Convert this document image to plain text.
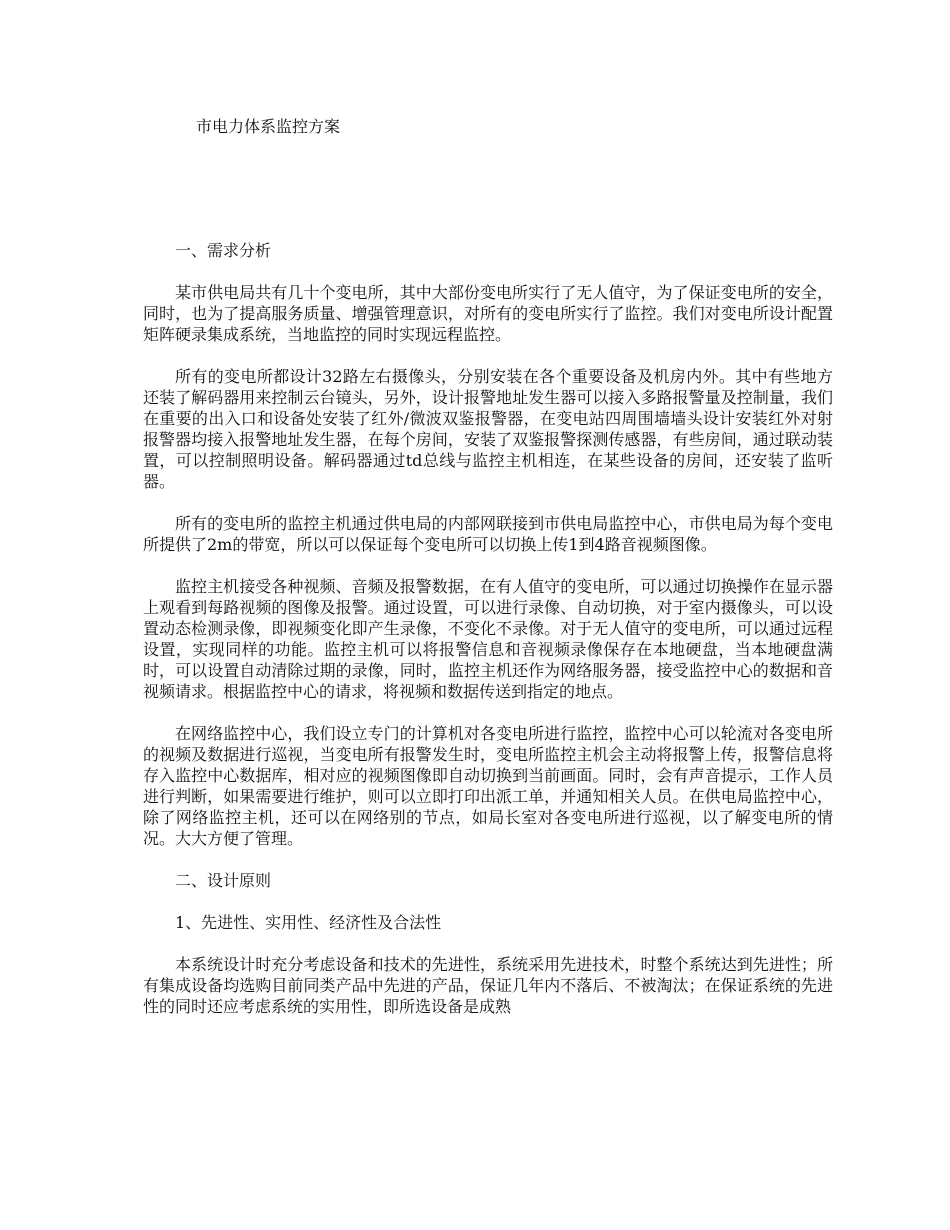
市电力体系监控方案
一、需求分析

某市供电局共有几十个变电所，其中大部份变电所实行了无人值守，为了保证变电所的安全，同时，也为了提高服务质量、增强管理意识，对所有的变电所实行了监控。我们对变电所设计配置矩阵硬录集成系统，当地监控的同时实现远程监控。

所有的变电所都设计32路左右摄像头，分别安装在各个重要设备及机房内外。其中有些地方还装了解码器用来控制云台镜头，另外，设计报警地址发生器可以接入多路报警量及控制量，我们在重要的出入口和设备处安装了红外/微波双鉴报警器，在变电站四周围墙墙头设计安装红外对射报警器均接入报警地址发生器，在每个房间，安装了双鉴报警探测传感器，有些房间，通过联动装置，可以控制照明设备。解码器通过td总线与监控主机相连，在某些设备的房间，还安装了监听器。

所有的变电所的监控主机通过供电局的内部网联接到市供电局监控中心，市供电局为每个变电所提供了2m的带宽，所以可以保证每个变电所可以切换上传1到4路音视频图像。

监控主机接受各种视频、音频及报警数据，在有人值守的变电所，可以通过切换操作在显示器上观看到每路视频的图像及报警。通过设置，可以进行录像、自动切换，对于室内摄像头，可以设置动态检测录像，即视频变化即产生录像，不变化不录像。对于无人值守的变电所，可以通过远程设置，实现同样的功能。监控主机可以将报警信息和音视频录像保存在本地硬盘，当本地硬盘满时，可以设置自动清除过期的录像，同时，监控主机还作为网络服务器，接受监控中心的数据和音视频请求。根据监控中心的请求，将视频和数据传送到指定的地点。

在网络监控中心，我们设立专门的计算机对各变电所进行监控，监控中心可以轮流对各变电所的视频及数据进行巡视，当变电所有报警发生时，变电所监控主机会主动将报警上传，报警信息将存入监控中心数据库，相对应的视频图像即自动切换到当前画面。同时，会有声音提示，工作人员进行判断，如果需要进行维护，则可以立即打印出派工单，并通知相关人员。在供电局监控中心，除了网络监控主机，还可以在网络别的节点，如局长室对各变电所进行巡视，以了解变电所的情况。大大方便了管理。

二、设计原则
1、先进性、实用性、经济性及合法性

本系统设计时充分考虑设备和技术的先进性，系统采用先进技术，时整个系统达到先进性；所有集成设备均选购目前同类产品中先进的产品，保证几年内不落后、不被淘汰；在保证系统的先进性的同时还应考虑系统的实用性，即所选设备是成熟
